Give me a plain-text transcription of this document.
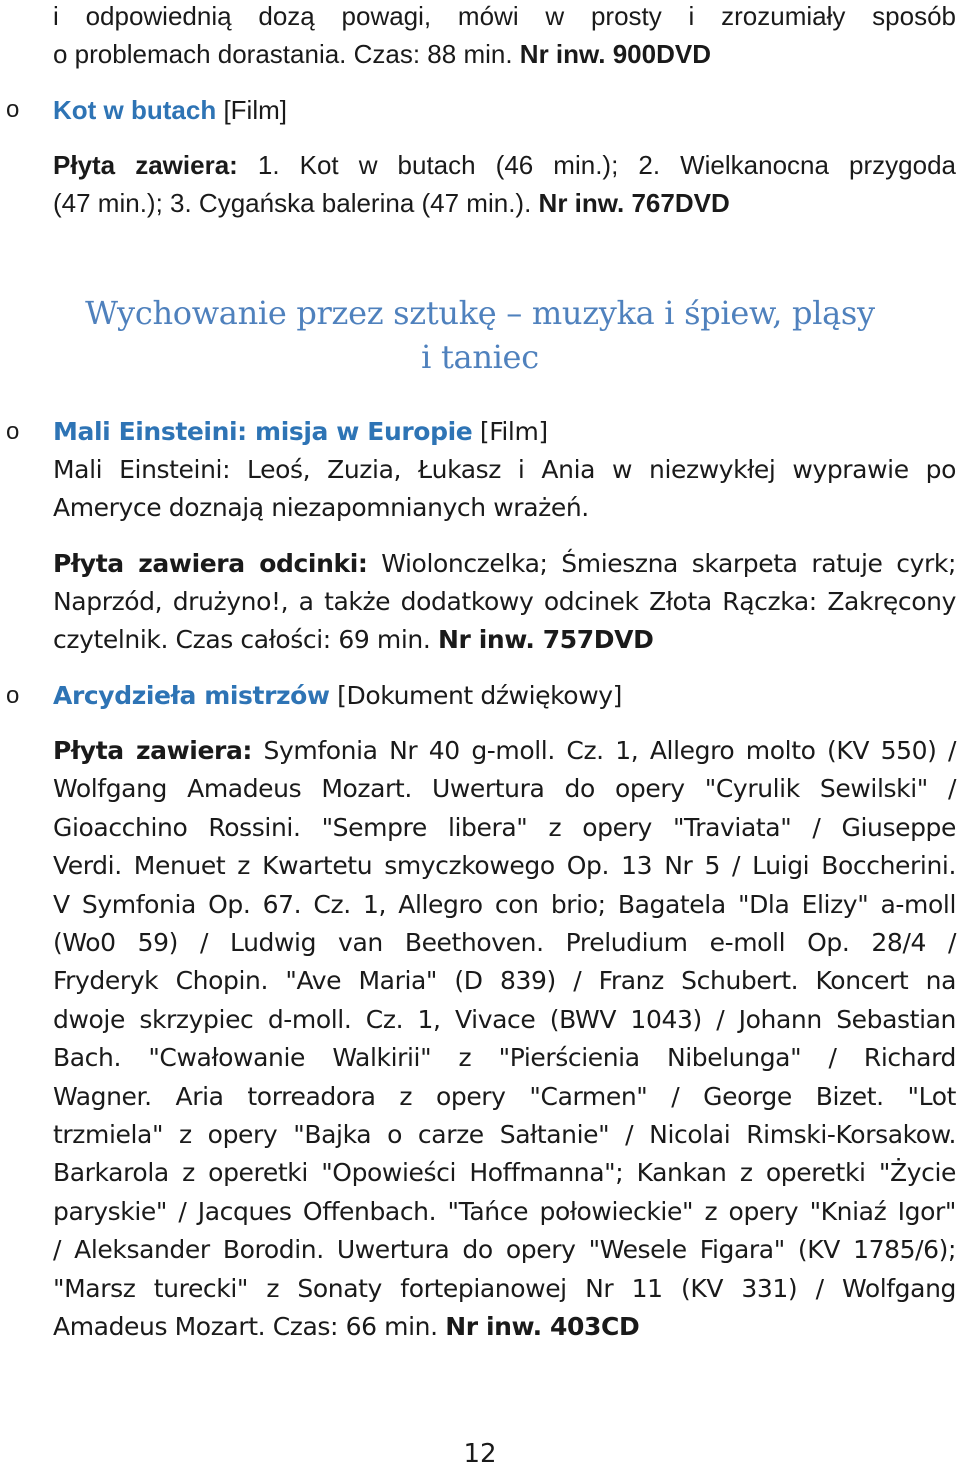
i odpowiednią dozą powagi, mówi w prosty i zrozumiały sposób
o problemach dorastania. Czas: 88 min. Nr inw. 900DVD
o Kot w butach [Film]
Płyta zawiera: 1. Kot w butach (46 min.); 2. Wielkanocna przygoda
(47 min.); 3. Cygańska balerina (47 min.). Nr inw. 767DVD
Wychowanie przez sztukę – muzyka i śpiew, pląsy
i taniec
o Mali Einsteini: misja w Europie [Film]
Mali Einsteini: Leoś, Zuzia, Łukasz i Ania w niezwykłej wyprawie po
Ameryce doznają niezapomnianych wrażeń.
Płyta zawiera odcinki: Wiolonczelka; Śmieszna skarpeta ratuje cyrk;
Naprzód, drużyno!, a także dodatkowy odcinek Złota Rączka: Zakręcony
czytelnik. Czas całości: 69 min. Nr inw. 757DVD
o Arcydzieła mistrzów [Dokument dźwiękowy]
Płyta zawiera: Symfonia Nr 40 g-moll. Cz. 1, Allegro molto (KV 550) /
Wolfgang Amadeus Mozart. Uwertura do opery "Cyrulik Sewilski" /
Gioacchino Rossini. "Sempre libera" z opery "Traviata" / Giuseppe
Verdi. Menuet z Kwartetu smyczkowego Op. 13 Nr 5 / Luigi Boccherini.
V Symfonia Op. 67. Cz. 1, Allegro con brio; Bagatela "Dla Elizy" a-moll
(Wo0 59) / Ludwig van Beethoven. Preludium e-moll Op. 28/4 /
Fryderyk Chopin. "Ave Maria" (D 839) / Franz Schubert. Koncert na
dwoje skrzypiec d-moll. Cz. 1, Vivace (BWV 1043) / Johann Sebastian
Bach. "Cwałowanie Walkirii" z "Pierścienia Nibelunga" / Richard
Wagner. Aria torreadora z opery "Carmen" / George Bizet. "Lot
trzmiela" z opery "Bajka o carze Sałtanie" / Nicolai Rimski-Korsakow.
Barkarola z operetki "Opowieści Hoffmanna"; Kankan z operetki "Życie
paryskie" / Jacques Offenbach. "Tańce połowieckie" z opery "Kniaź Igor"
/ Aleksander Borodin. Uwertura do opery "Wesele Figara" (KV 1785/6);
"Marsz turecki" z Sonaty fortepianowej Nr 11 (KV 331) / Wolfgang
Amadeus Mozart. Czas: 66 min. Nr inw. 403CD
12
